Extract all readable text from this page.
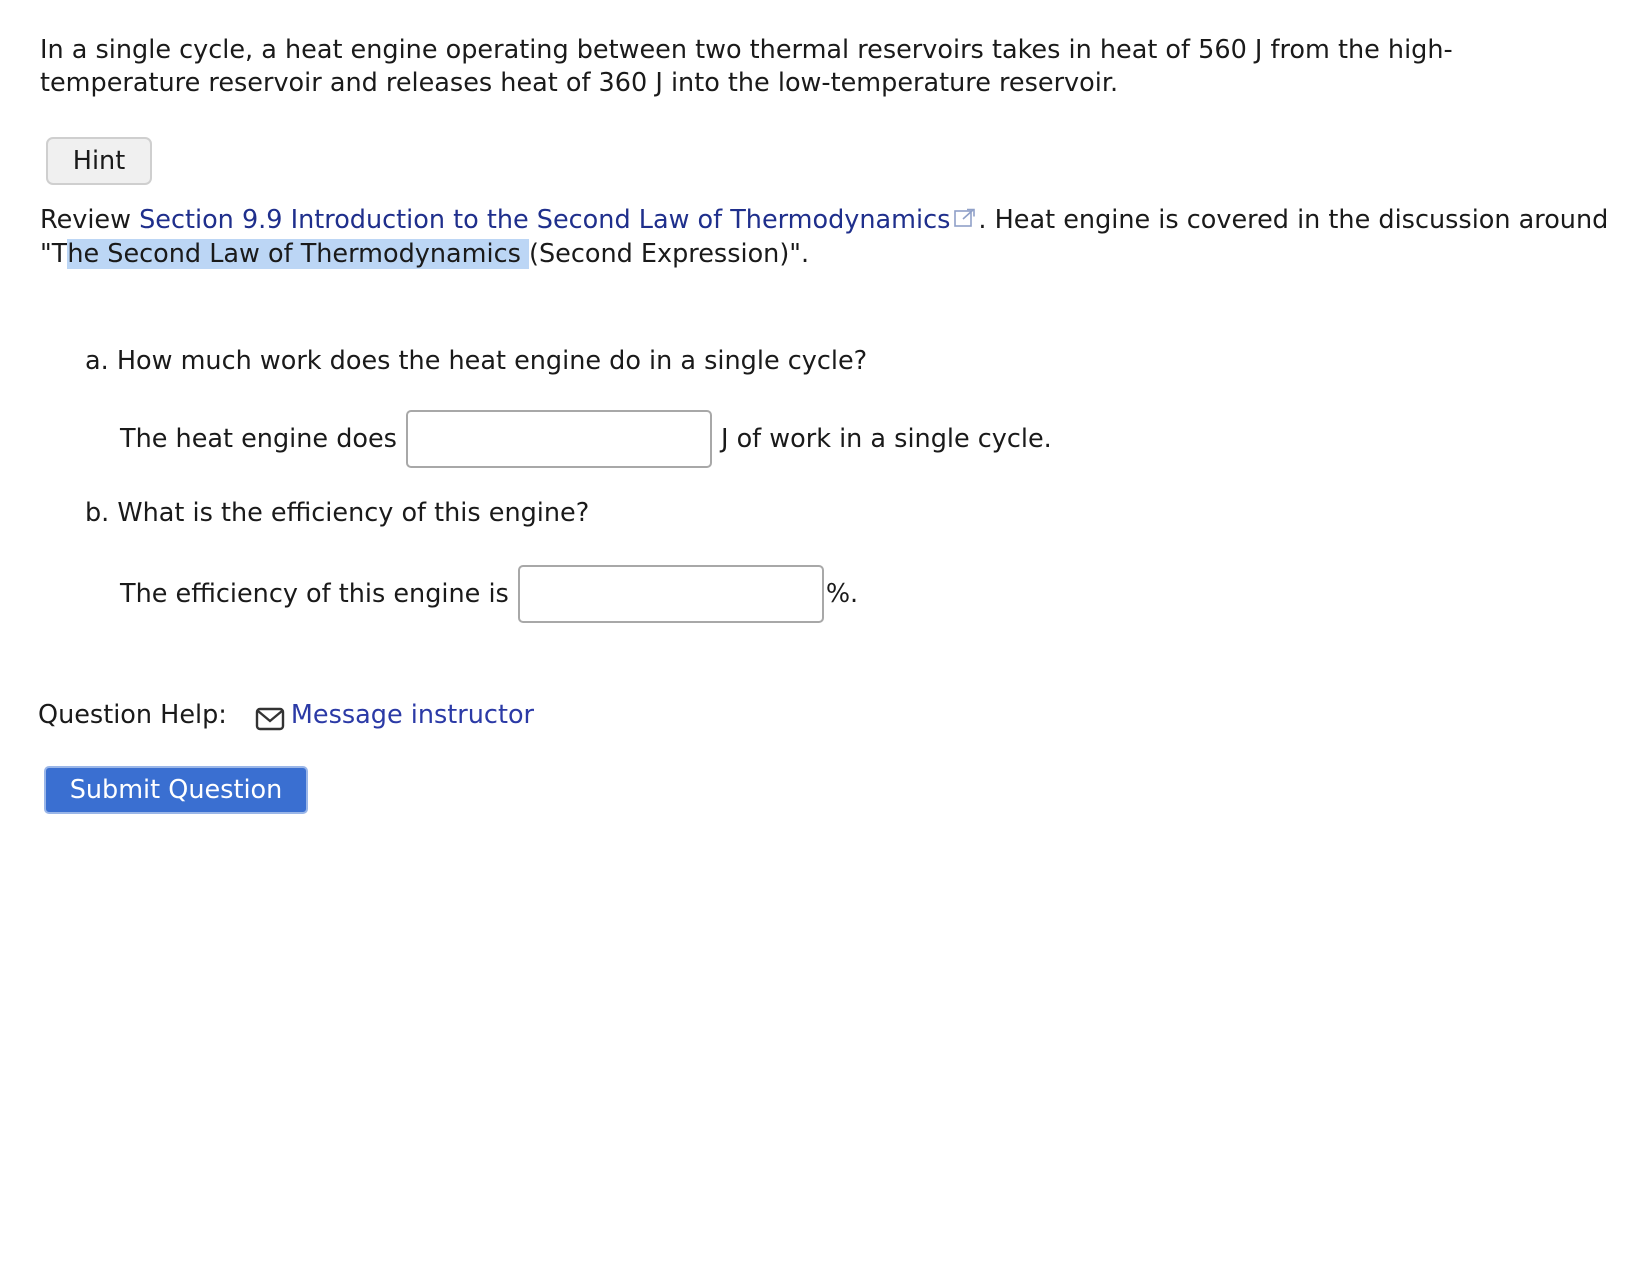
In a single cycle, a heat engine operating between two thermal reservoirs takes in heat of 560 J from the high-temperature reservoir and releases heat of 360 J into the low-temperature reservoir.
Hint
Review Section 9.9 Introduction to the Second Law of Thermodynamics . Heat engine is covered in the discussion around "The Second Law of Thermodynamics (Second Expression)".
a. How much work does the heat engine do in a single cycle?
The heat engine does	J of work in a single cycle.
b. What is the efficiency of this engine?
The efficiency of this engine is	%.
Question Help:	Message instructor
Submit Question
